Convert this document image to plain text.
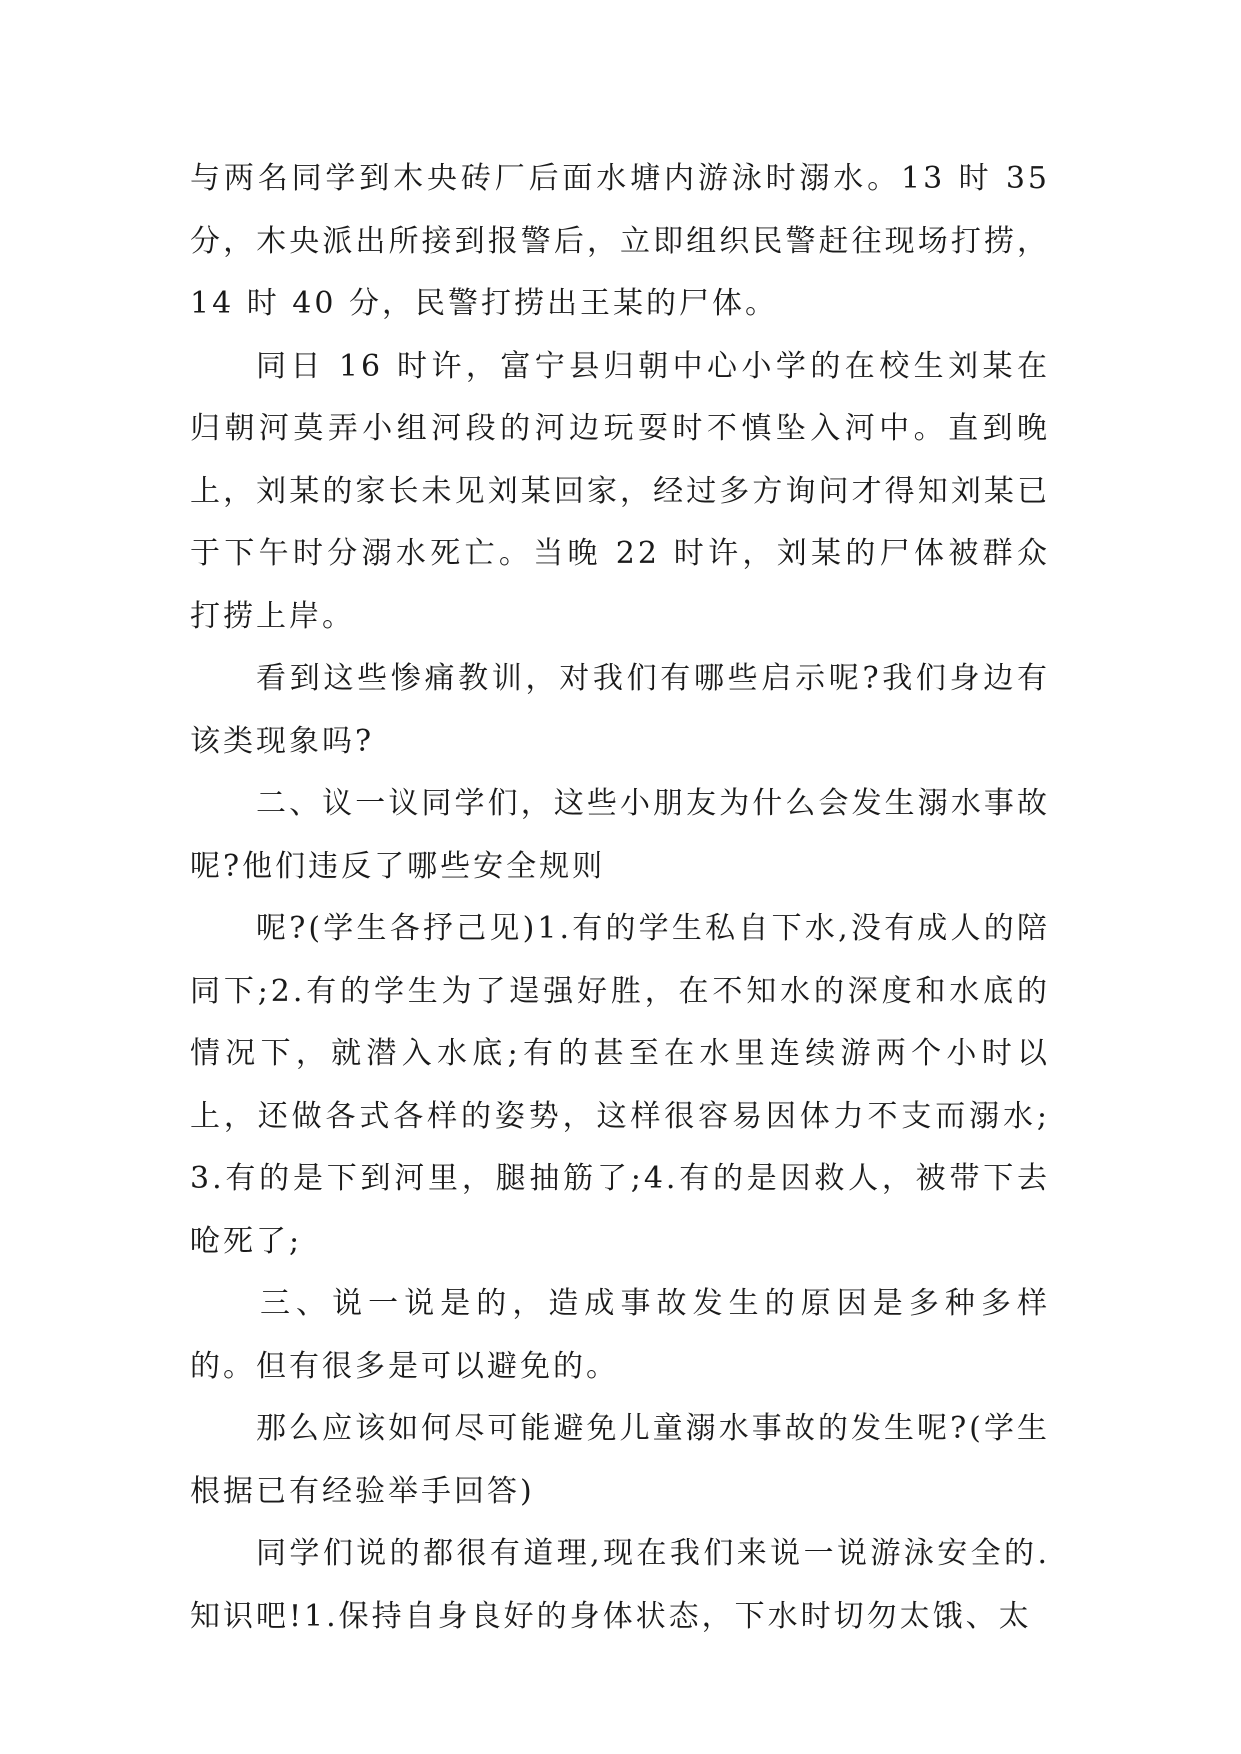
与两名同学到木央砖厂后面水塘内游泳时溺水。13 时 35 分，木央派出所接到报警后，立即组织民警赶往现场打捞，14 时 40 分，民警打捞出王某的尸体。

同日 16 时许，富宁县归朝中心小学的在校生刘某在归朝河莫弄小组河段的河边玩耍时不慎坠入河中。直到晚上，刘某的家长未见刘某回家，经过多方询问才得知刘某已于下午时分溺水死亡。当晚 22 时许，刘某的尸体被群众打捞上岸。

看到这些惨痛教训，对我们有哪些启示呢?我们身边有该类现象吗?

二、议一议同学们，这些小朋友为什么会发生溺水事故呢?他们违反了哪些安全规则

呢?(学生各抒己见)1.有的学生私自下水,没有成人的陪同下;2.有的学生为了逞强好胜，在不知水的深度和水底的情况下，就潜入水底;有的甚至在水里连续游两个小时以上，还做各式各样的姿势，这样很容易因体力不支而溺水;3.有的是下到河里，腿抽筋了;4.有的是因救人，被带下去呛死了;

三、说一说是的，造成事故发生的原因是多种多样的。但有很多是可以避免的。

那么应该如何尽可能避免儿童溺水事故的发生呢?(学生根据已有经验举手回答)

同学们说的都很有道理,现在我们来说一说游泳安全的.知识吧!1.保持自身良好的身体状态，下水时切勿太饿、太
